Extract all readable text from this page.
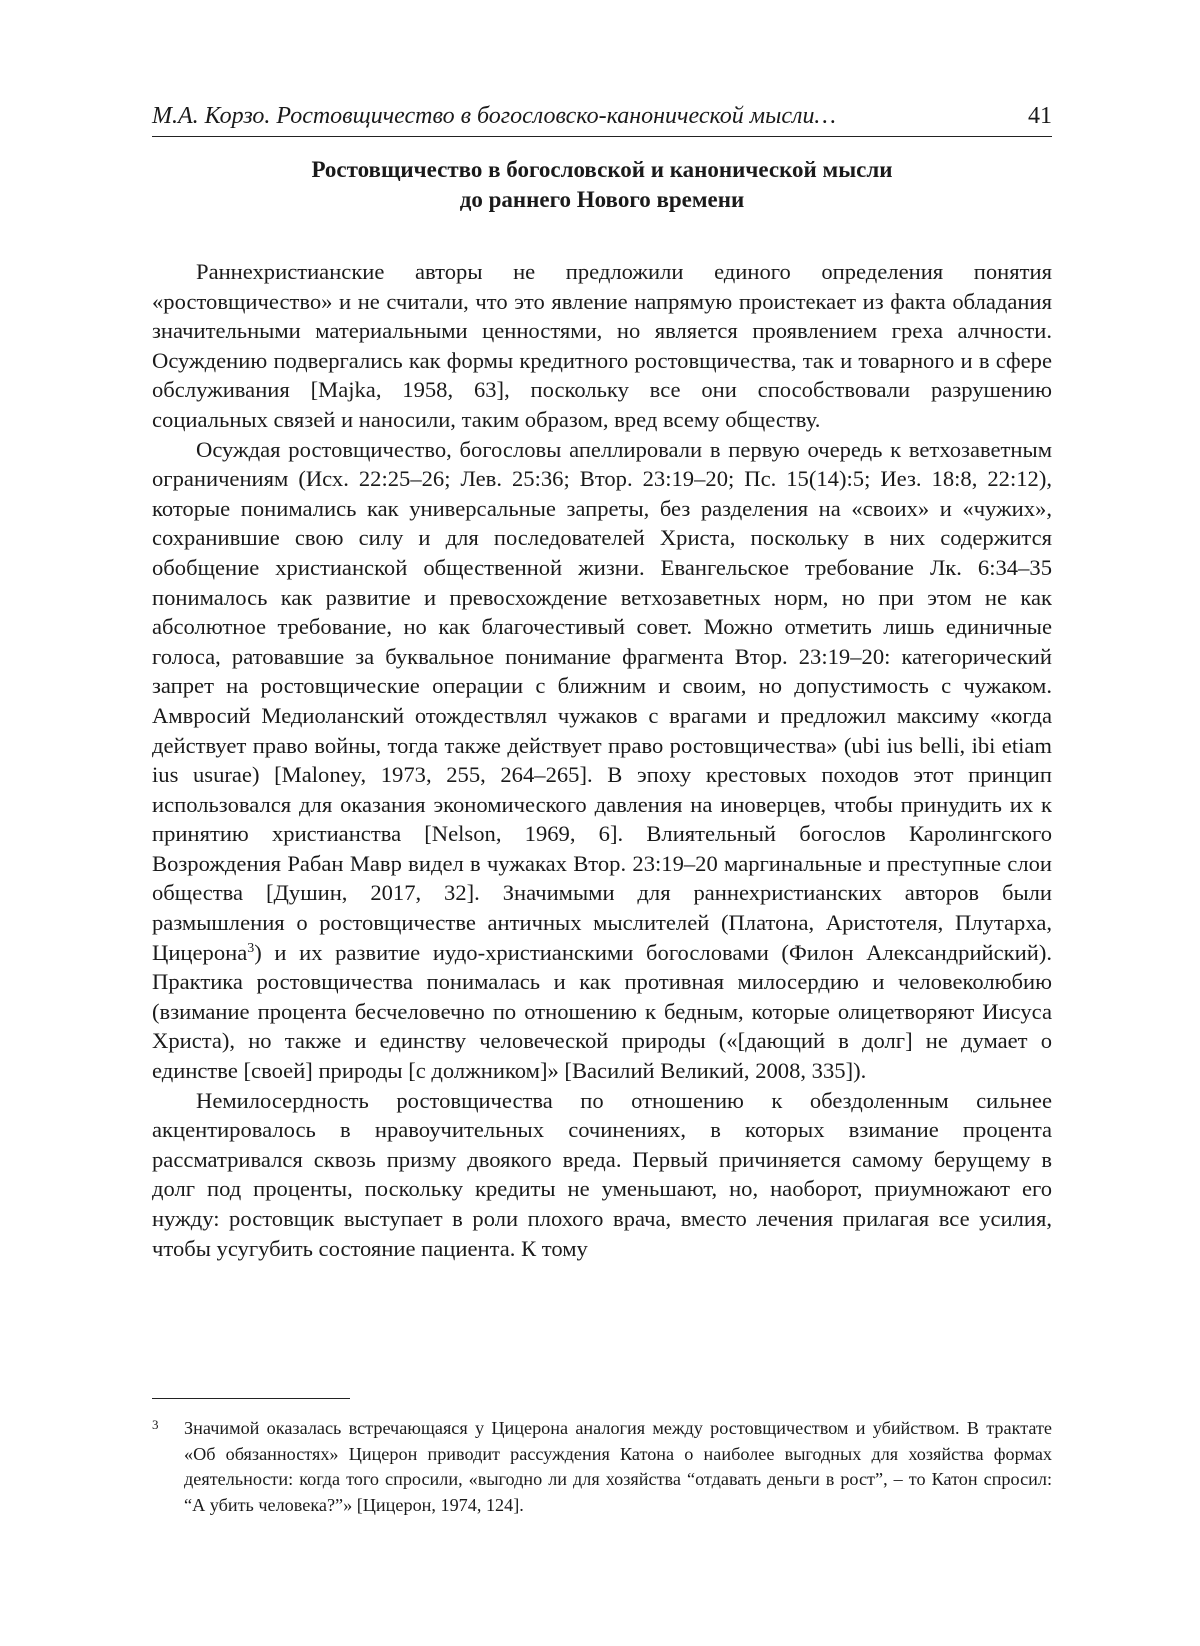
М.А. Корзо. Ростовщичество в богословско-канонической мысли…	41
Ростовщичество в богословской и канонической мысли
до раннего Нового времени

Раннехристианские авторы не предложили единого определения понятия «ростовщичество» и не считали, что это явление напрямую проистекает из факта обладания значительными материальными ценностями, но является проявлением греха алчности. Осуждению подвергались как формы кредитного ростовщичества, так и товарного и в сфере обслуживания [Majka, 1958, 63], поскольку все они способствовали разрушению социальных связей и наносили, таким образом, вред всему обществу.

Осуждая ростовщичество, богословы апеллировали в первую очередь к ветхозаветным ограничениям (Исх. 22:25–26; Лев. 25:36; Втор. 23:19–20; Пс. 15(14):5; Иез. 18:8, 22:12), которые понимались как универсальные запреты, без разделения на «своих» и «чужих», сохранившие свою силу и для последователей Христа, поскольку в них содержится обобщение христианской общественной жизни. Евангельское требование Лк. 6:34–35 понималось как развитие и превосхождение ветхозаветных норм, но при этом не как абсолютное требование, но как благочестивый совет. Можно отметить лишь единичные голоса, ратовавшие за буквальное понимание фрагмента Втор. 23:19–20: категорический запрет на ростовщические операции с ближним и своим, но допустимость с чужаком. Амвросий Медиоланский отождествлял чужаков с врагами и предложил максиму «когда действует право войны, тогда также действует право ростовщичества» (ubi ius belli, ibi etiam ius usurae) [Maloney, 1973, 255, 264–265]. В эпоху крестовых походов этот принцип использовался для оказания экономического давления на иноверцев, чтобы принудить их к принятию христианства [Nelson, 1969, 6]. Влиятельный богослов Каролингского Возрождения Рабан Мавр видел в чужаках Втор. 23:19–20 маргинальные и преступные слои общества [Душин, 2017, 32]. Значимыми для раннехристианских авторов были размышления о ростовщичестве античных мыслителей (Платона, Аристотеля, Плутарха, Цицерона$^3$) и их развитие иудо-христианскими богословами (Филон Александрийский). Практика ростовщичества понималась и как противная милосердию и человеколюбию (взимание процента бесчеловечно по отношению к бедным, которые олицетворяют Иисуса Христа), но также и единству человеческой природы («[дающий в долг] не думает о единстве [своей] природы [с должником]» [Василий Великий, 2008, 335]).

Немилосердность ростовщичества по отношению к обездоленным сильнее акцентировалось в нравоучительных сочинениях, в которых взимание процента рассматривался сквозь призму двоякого вреда. Первый причиняется самому берущему в долг под проценты, поскольку кредиты не уменьшают, но, наоборот, приумножают его нужду: ростовщик выступает в роли плохого врача, вместо лечения прилагая все усилия, чтобы усугубить состояние пациента. К тому

3	Значимой оказалась встречающаяся у Цицерона аналогия между ростовщичеством и убийством. В трактате «Об обязанностях» Цицерон приводит рассуждения Катона о наиболее выгодных для хозяйства формах деятельности: когда того спросили, «выгодно ли для хозяйства “отдавать деньги в рост”, – то Катон спросил: “А убить человека?”» [Цицерон, 1974, 124].
